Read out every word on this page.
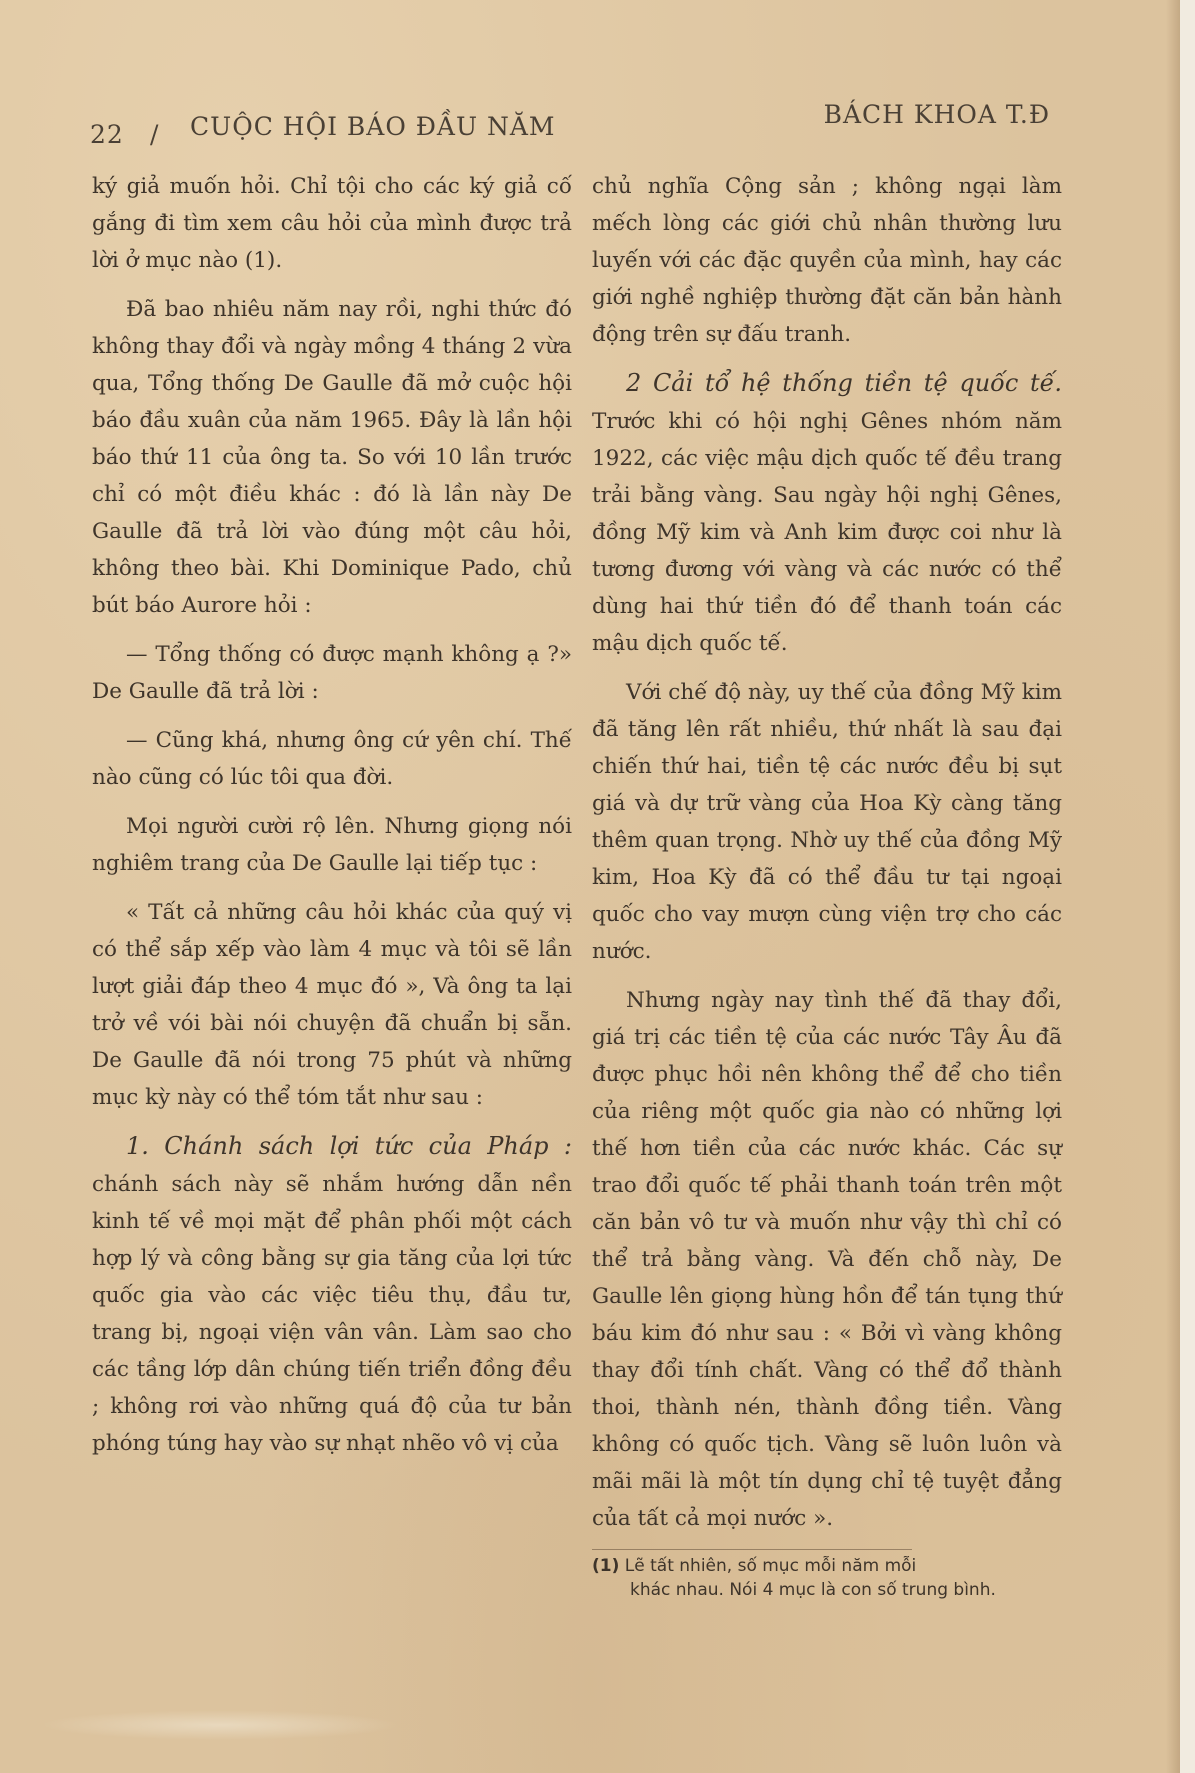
22 / CUỘC HỘI BÁO ĐẦU NĂM	BÁCH KHOA T.Đ

ký giả muốn hỏi. Chỉ tội cho các ký giả cố gắng đi tìm xem câu hỏi của mình được trả lời ở mục nào (1).

Đã bao nhiêu năm nay rồi, nghi thức đó không thay đổi và ngày mồng 4 tháng 2 vừa qua, Tổng thống De Gaulle đã mở cuộc hội báo đầu xuân của năm 1965. Đây là lần hội báo thứ 11 của ông ta. So với 10 lần trước chỉ có một điều khác : đó là lần này De Gaulle đã trả lời vào đúng một câu hỏi, không theo bài. Khi Dominique Pado, chủ bút báo Aurore hỏi :

— Tổng thống có được mạnh không ạ ?» De Gaulle đã trả lời :

— Cũng khá, nhưng ông cứ yên chí. Thế nào cũng có lúc tôi qua đời.

Mọi người cười rộ lên. Nhưng giọng nói nghiêm trang của De Gaulle lại tiếp tục :

« Tất cả những câu hỏi khác của quý vị có thể sắp xếp vào làm 4 mục và tôi sẽ lần lượt giải đáp theo 4 mục đó », Và ông ta lại trở về vói bài nói chuyện đã chuẩn bị sẵn. De Gaulle đã nói trong 75 phút và những mục kỳ này có thể tóm tắt như sau :

1. Chánh sách lợi tức của Pháp : chánh sách này sẽ nhắm hướng dẫn nền kinh tế về mọi mặt để phân phối một cách hợp lý và công bằng sự gia tăng của lợi tức quốc gia vào các việc tiêu thụ, đầu tư, trang bị, ngoại viện vân vân. Làm sao cho các tầng lớp dân chúng tiến triển đồng đều ; không rơi vào những quá độ của tư bản phóng túng hay vào sự nhạt nhẽo vô vị của

chủ nghĩa Cộng sản ; không ngại làm mếch lòng các giới chủ nhân thường lưu luyến với các đặc quyền của mình, hay các giới nghề nghiệp thường đặt căn bản hành động trên sự đấu tranh.

2 Cải tổ hệ thống tiền tệ quốc tế. Trước khi có hội nghị Gênes nhóm năm 1922, các việc mậu dịch quốc tế đều trang trải bằng vàng. Sau ngày hội nghị Gênes, đồng Mỹ kim và Anh kim được coi như là tương đương với vàng và các nước có thể dùng hai thứ tiền đó để thanh toán các mậu dịch quốc tế.

Với chế độ này, uy thế của đồng Mỹ kim đã tăng lên rất nhiều, thứ nhất là sau đại chiến thứ hai, tiền tệ các nước đều bị sụt giá và dự trữ vàng của Hoa Kỳ càng tăng thêm quan trọng. Nhờ uy thế của đồng Mỹ kim, Hoa Kỳ đã có thể đầu tư tại ngoại quốc cho vay mượn cùng viện trợ cho các nước.

Nhưng ngày nay tình thế đã thay đổi, giá trị các tiền tệ của các nước Tây Âu đã được phục hồi nên không thể để cho tiền của riêng một quốc gia nào có những lợi thế hơn tiền của các nước khác. Các sự trao đổi quốc tế phải thanh toán trên một căn bản vô tư và muốn như vậy thì chỉ có thể trả bằng vàng. Và đến chỗ này, De Gaulle lên giọng hùng hồn để tán tụng thứ báu kim đó như sau : « Bởi vì vàng không thay đổi tính chất. Vàng có thể đổ thành thoi, thành nén, thành đồng tiền. Vàng không có quốc tịch. Vàng sẽ luôn luôn và mãi mãi là một tín dụng chỉ tệ tuyệt đẳng của tất cả mọi nước ».

(1) Lẽ tất nhiên, số mục mỗi năm mỗi
khác nhau. Nói 4 mục là con số trung bình.
